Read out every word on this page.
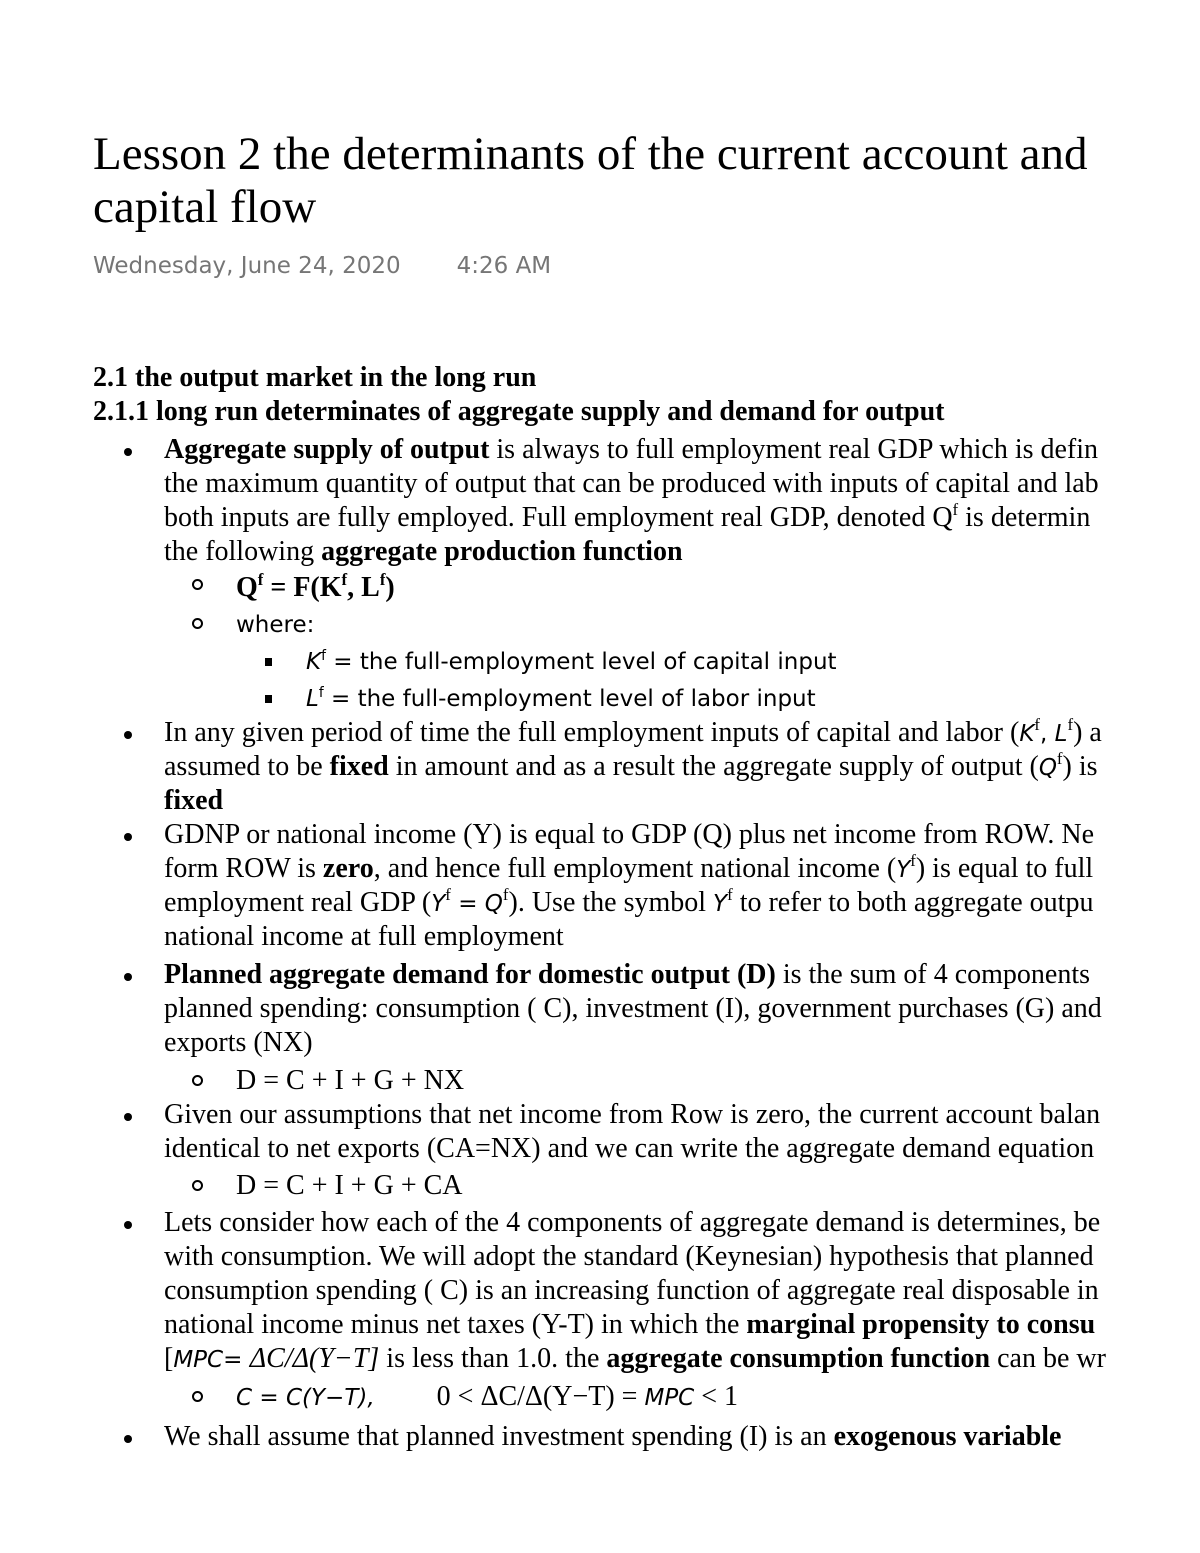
Lesson 2 the determinants of the current account and
capital flow
Wednesday, June 24, 2020 4:26 AM
2.1 the output market in the long run
2.1.1 long run determinates of aggregate supply and demand for output
Aggregate supply of output is always to full employment real GDP which is defin
the maximum quantity of output that can be produced with inputs of capital and lab
both inputs are fully employed. Full employment real GDP, denoted $Q^f$ is determin
the following aggregate production function
$Q^f = F(K^f$, $L^f$)
where:
$K^f$ = the full-employment level of capital input
$L^f$ = the full-employment level of labor input
In any given period of time the full employment inputs of capital and labor ($K^f$, $L^f$) a
assumed to be fixed in amount and as a result the aggregate supply of output $(Q^f)$ is
fixed
GDNP or national income (Y) is equal to GDP (Q) plus net income from ROW. Ne
form ROW is zero, and hence full employment national income $(Y^f)$ is equal to full
employment real GDP $(Y^f = Q^f)$. Use the symbol $Y^f$ to refer to both aggregate outpu
national income at full employment
Planned aggregate demand for domestic output (D) is the sum of 4 components
planned spending: consumption ( C), investment (I), government purchases (G) and
exports (NX)
D = C + I + G + NX
Given our assumptions that net income from Row is zero, the current account balan
identical to net exports (CA=NX) and we can write the aggregate demand equation
D = C + I + G + CA
Lets consider how each of the 4 components of aggregate demand is determines, be
with consumption. We will adopt the standard (Keynesian) hypothesis that planned
consumption spending ( C) is an increasing function of aggregate real disposable in
national income minus net taxes (Y-T) in which the marginal propensity to consu
[MPC= ΔC/Δ(Y−T] is less than 1.0. the aggregate consumption function can be wr
C = C(Y−T), 0 < ΔC/Δ(Y−T) = MPC < 1
We shall assume that planned investment spending (I) is an exogenous variable
